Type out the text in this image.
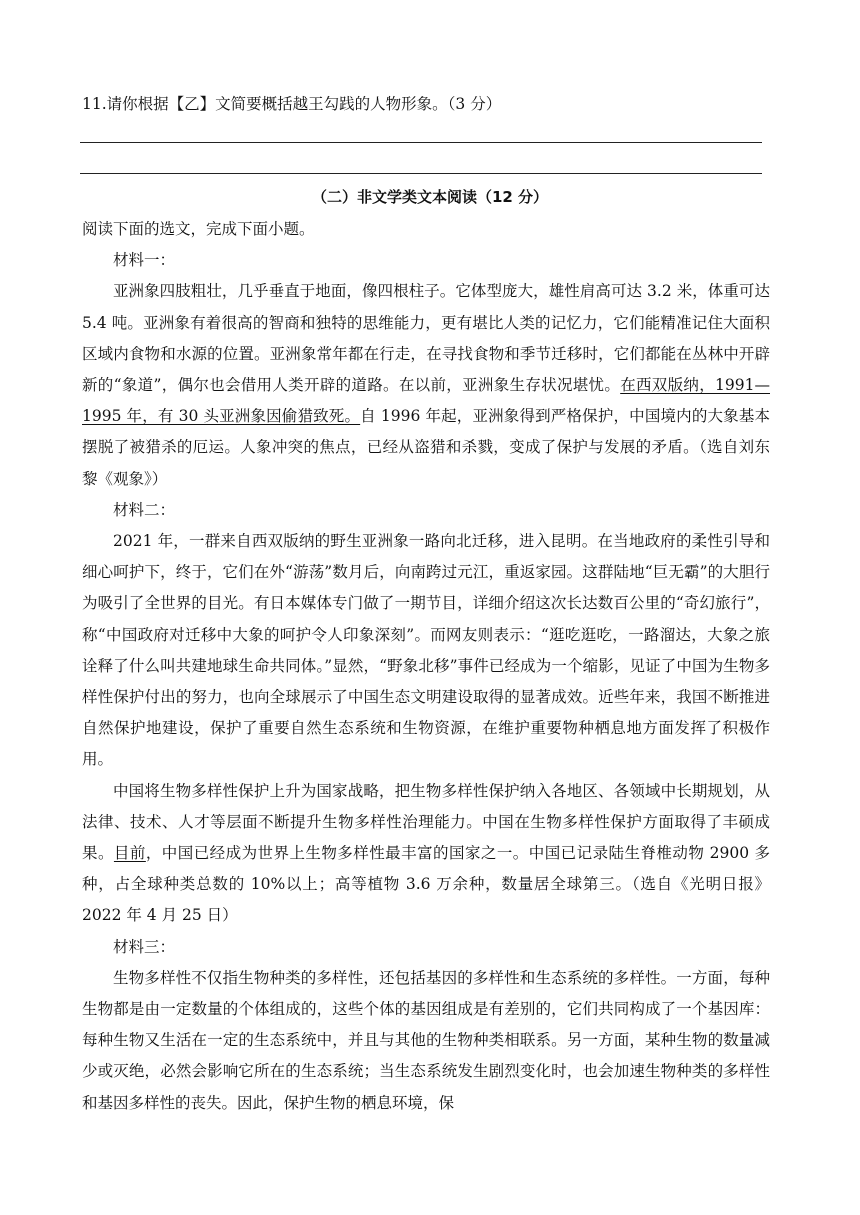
11.请你根据【乙】文简要概括越王勾践的人物形象。（3 分）
（二）非文学类文本阅读（12 分）

阅读下面的选文，完成下面小题。

材料一：

亚洲象四肢粗壮，几乎垂直于地面，像四根柱子。它体型庞大，雄性肩高可达 3.2 米，体重可达 5.4 吨。亚洲象有着很高的智商和独特的思维能力，更有堪比人类的记忆力，它们能精准记住大面积区域内食物和水源的位置。亚洲象常年都在行走，在寻找食物和季节迁移时，它们都能在丛林中开辟新的“象道”，偶尔也会借用人类开辟的道路。在以前，亚洲象生存状况堪忧。在西双版纳，1991—1995 年，有 30 头亚洲象因偷猎致死。自 1996 年起，亚洲象得到严格保护，中国境内的大象基本摆脱了被猎杀的厄运。人象冲突的焦点，已经从盗猎和杀戮，变成了保护与发展的矛盾。（选自刘东黎《观象》）

材料二：

2021 年，一群来自西双版纳的野生亚洲象一路向北迁移，进入昆明。在当地政府的柔性引导和细心呵护下，终于，它们在外“游荡”数月后，向南跨过元江，重返家园。这群陆地“巨无霸”的大胆行为吸引了全世界的目光。有日本媒体专门做了一期节目，详细介绍这次长达数百公里的“奇幻旅行”，称“中国政府对迁移中大象的呵护令人印象深刻”。而网友则表示：“逛吃逛吃，一路溜达，大象之旅诠释了什么叫共建地球生命共同体。”显然，“野象北移”事件已经成为一个缩影，见证了中国为生物多样性保护付出的努力，也向全球展示了中国生态文明建设取得的显著成效。近些年来，我国不断推进自然保护地建设，保护了重要自然生态系统和生物资源，在维护重要物种栖息地方面发挥了积极作用。

中国将生物多样性保护上升为国家战略，把生物多样性保护纳入各地区、各领域中长期规划，从法律、技术、人才等层面不断提升生物多样性治理能力。中国在生物多样性保护方面取得了丰硕成果。目前，中国已经成为世界上生物多样性最丰富的国家之一。中国已记录陆生脊椎动物 2900 多种，占全球种类总数的 10%以上；高等植物 3.6 万余种，数量居全球第三。（选自《光明日报》2022 年 4 月 25 日）

材料三：

生物多样性不仅指生物种类的多样性，还包括基因的多样性和生态系统的多样性。一方面，每种生物都是由一定数量的个体组成的，这些个体的基因组成是有差别的，它们共同构成了一个基因库：每种生物又生活在一定的生态系统中，并且与其他的生物种类相联系。另一方面，某种生物的数量减少或灭绝，必然会影响它所在的生态系统；当生态系统发生剧烈变化时，也会加速生物种类的多样性和基因多样性的丧失。因此，保护生物的栖息环境，保
